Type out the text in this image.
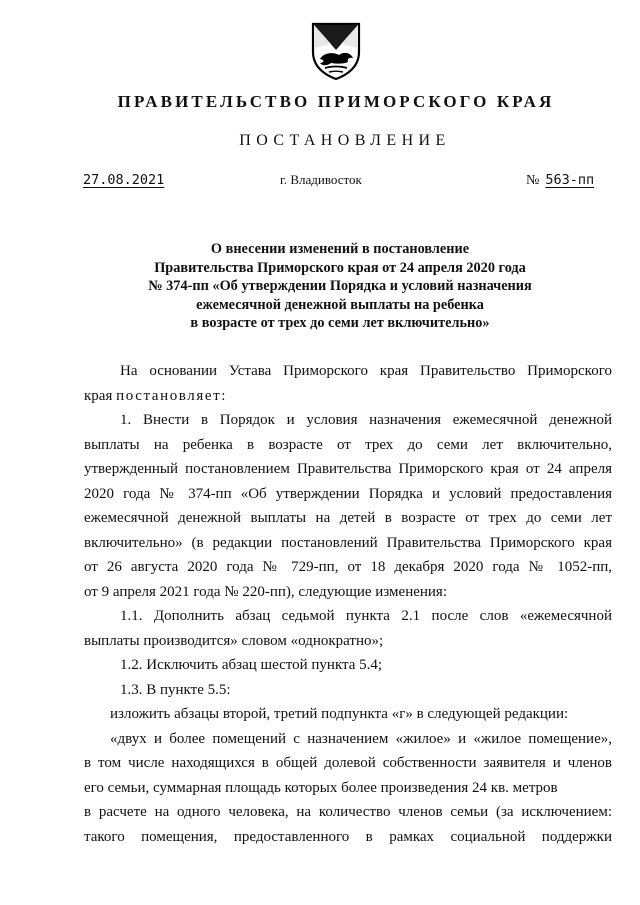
ПРАВИТЕЛЬСТВО ПРИМОРСКОГО КРАЯ
ПОСТАНОВЛЕНИЕ
27.08.2021	г. Владивосток	№ 563-пп
О внесении изменений в постановление
Правительства Приморского края от 24 апреля 2020 года
№ 374-пп «Об утверждении Порядка и условий назначения
ежемесячной денежной выплаты на ребенка
в возрасте от трех до семи лет включительно»
На основании Устава Приморского края Правительство Приморского
края постановляет:
1. Внести в Порядок и условия назначения ежемесячной денежной
выплаты на ребенка в возрасте от трех до семи лет включительно,
утвержденный постановлением Правительства Приморского края от 24 апреля
2020 года № 374-пп «Об утверждении Порядка и условий предоставления
ежемесячной денежной выплаты на детей в возрасте от трех до семи лет
включительно» (в редакции постановлений Правительства Приморского края
от 26 августа 2020 года № 729-пп, от 18 декабря 2020 года № 1052-пп,
от 9 апреля 2021 года № 220-пп), следующие изменения:
1.1. Дополнить абзац седьмой пункта 2.1 после слов «ежемесячной
выплаты производится» словом «однократно»;
1.2. Исключить абзац шестой пункта 5.4;
1.3. В пункте 5.5:
изложить абзацы второй, третий подпункта «г» в следующей редакции:
«двух и более помещений с назначением «жилое» и «жилое помещение»,
в том числе находящихся в общей долевой собственности заявителя и членов
его семьи, суммарная площадь которых более произведения 24 кв. метров
в расчете на одного человека, на количество членов семьи (за исключением:
такого помещения, предоставленного в рамках социальной поддержки
